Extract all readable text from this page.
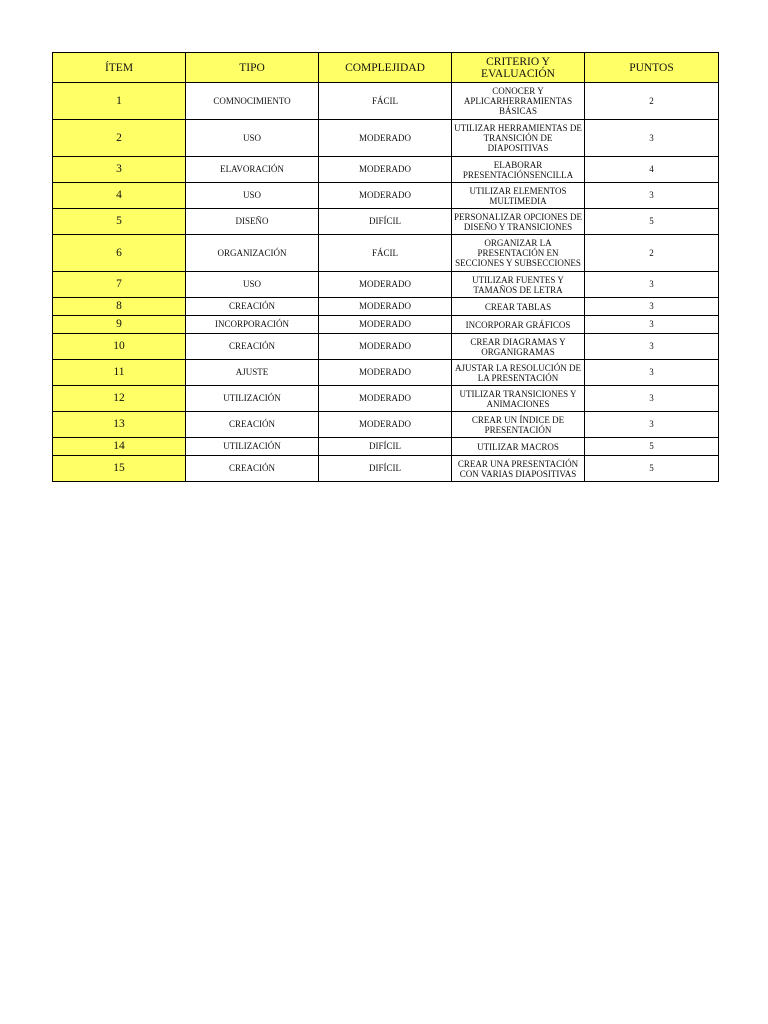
ÍTEM	TIPO	COMPLEJIDAD	CRITERIO Y EVALUACIÓN	PUNTOS
1	COMNOCIMIENTO	FÁCIL	CONOCER Y APLICARHERRAMIENTAS BÁSICAS	2
2	USO	MODERADO	UTILIZAR HERRAMIENTAS DE TRANSICIÓN DE DIAPOSITIVAS	3
3	ELAVORACIÓN	MODERADO	ELABORAR PRESENTACIÓNSENCILLA	4
4	USO	MODERADO	UTILIZAR ELEMENTOS MULTIMEDIA	3
5	DISEÑO	DIFÍCIL	PERSONALIZAR OPCIONES DE DISEÑO Y TRANSICIONES	5
6	ORGANIZACIÓN	FÁCIL	ORGANIZAR LA PRESENTACIÓN EN SECCIONES Y SUBSECCIONES	2
7	USO	MODERADO	UTILIZAR FUENTES Y TAMAÑOS DE LETRA	3
8	CREACIÓN	MODERADO	CREAR TABLAS	3
9	INCORPORACIÓN	MODERADO	INCORPORAR GRÁFICOS	3
10	CREACIÓN	MODERADO	CREAR DIAGRAMAS Y ORGANIGRAMAS	3
11	AJUSTE	MODERADO	AJUSTAR LA RESOLUCIÓN DE LA PRESENTACIÓN	3
12	UTILIZACIÓN	MODERADO	UTILIZAR TRANSICIONES Y ANIMACIONES	3
13	CREACIÓN	MODERADO	CREAR UN ÍNDICE DE PRESENTACIÓN	3
14	UTILIZACIÓN	DIFÍCIL	UTILIZAR MACROS	5
15	CREACIÓN	DIFÍCIL	CREAR UNA PRESENTACIÓN CON VARIAS DIAPOSITIVAS	5
